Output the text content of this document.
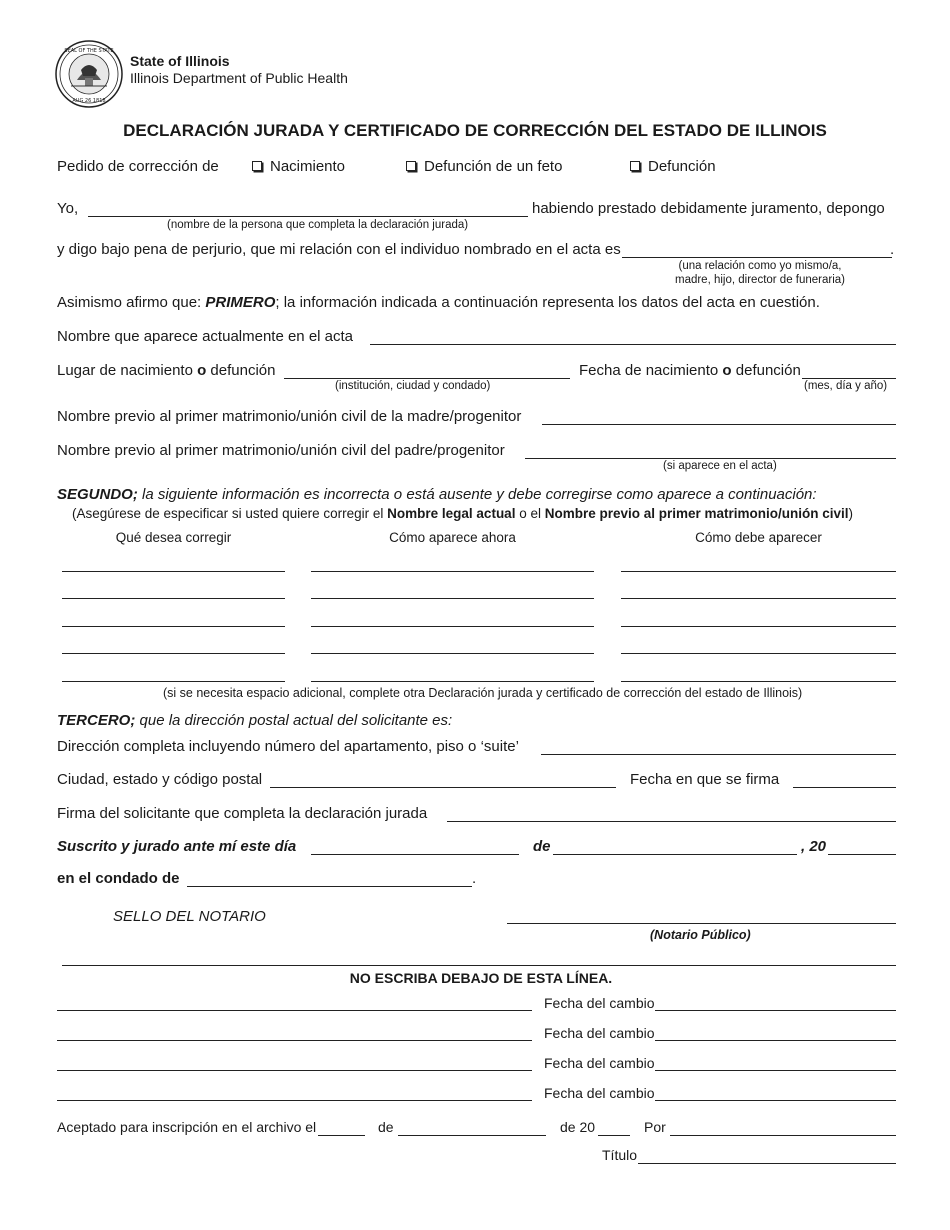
SEAL OF THE STATE
AUG 26 1818
State of Illinois
Illinois Department of Public Health
DECLARACIÓN JURADA Y CERTIFICADO DE CORRECCIÓN DEL ESTADO DE ILLINOIS
Pedido de corrección de	Nacimiento	Defunción de un feto	Defunción
Yo,	habiendo prestado debidamente juramento, depongo
(nombre de la persona que completa la declaración jurada)
y digo bajo pena de perjurio, que mi relación con el individuo nombrado en el acta es	.
(una relación como yo mismo/a,
madre, hijo, director de funeraria)
Asimismo afirmo que: PRIMERO; la información indicada a continuación representa los datos del acta en cuestión.
Nombre que aparece actualmente en el acta
Lugar de nacimiento o defunción
(institución, ciudad y condado)
Fecha de nacimiento o defunción
(mes, día y año)
Nombre previo al primer matrimonio/unión civil de la madre/progenitor
Nombre previo al primer matrimonio/unión civil del padre/progenitor
(si aparece en el acta)
SEGUNDO; la siguiente información es incorrecta o está ausente y debe corregirse como aparece a continuación:
(Asegúrese de especificar si usted quiere corregir el Nombre legal actual o el Nombre previo al primer matrimonio/unión civil)
Qué desea corregir	Cómo aparece ahora	Cómo debe aparecer
(si se necesita espacio adicional, complete otra Declaración jurada y certificado de corrección del estado de Illinois)
TERCERO; que la dirección postal actual del solicitante es:
Dirección completa incluyendo número del apartamento, piso o ‘suite’
Ciudad, estado y código postal	Fecha en que se firma
Firma del solicitante que completa la declaración jurada
Suscrito y jurado ante mí este día	de	, 20
en el condado de	.
SELLO DEL NOTARIO
(Notario Público)
NO ESCRIBA DEBAJO DE ESTA LÍNEA.
Fecha del cambio
Fecha del cambio
Fecha del cambio
Fecha del cambio
Aceptado para inscripción en el archivo el	de	de 20	Por
Título
